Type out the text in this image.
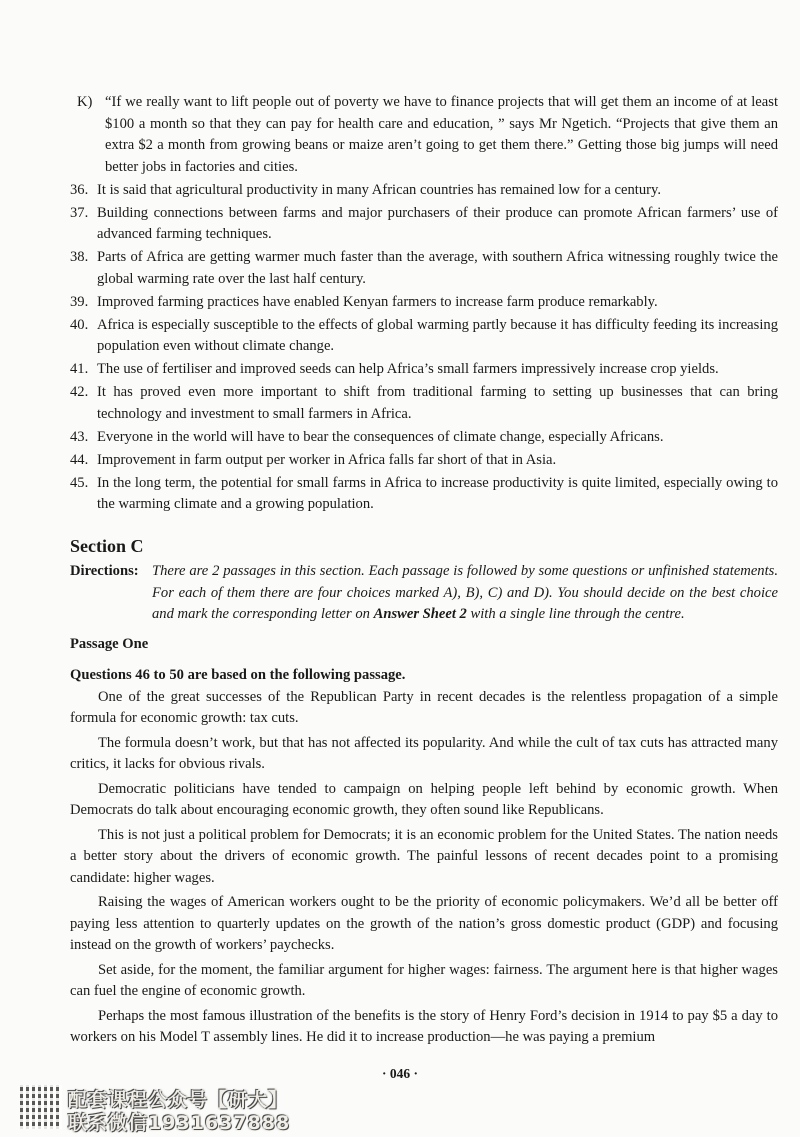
K) “If we really want to lift people out of poverty we have to finance projects that will get them an income of at least $100 a month so that they can pay for health care and education, ” says Mr Ngetich. “Projects that give them an extra $2 a month from growing beans or maize aren’t going to get them there.” Getting those big jumps will need better jobs in factories and cities.
36. It is said that agricultural productivity in many African countries has remained low for a century.
37. Building connections between farms and major purchasers of their produce can promote African farmers’ use of advanced farming techniques.
38. Parts of Africa are getting warmer much faster than the average, with southern Africa witnessing roughly twice the global warming rate over the last half century.
39. Improved farming practices have enabled Kenyan farmers to increase farm produce remarkably.
40. Africa is especially susceptible to the effects of global warming partly because it has difficulty feeding its increasing population even without climate change.
41. The use of fertiliser and improved seeds can help Africa’s small farmers impressively increase crop yields.
42. It has proved even more important to shift from traditional farming to setting up businesses that can bring technology and investment to small farmers in Africa.
43. Everyone in the world will have to bear the consequences of climate change, especially Africans.
44. Improvement in farm output per worker in Africa falls far short of that in Asia.
45. In the long term, the potential for small farms in Africa to increase productivity is quite limited, especially owing to the warming climate and a growing population.
Section C
Directions: There are 2 passages in this section. Each passage is followed by some questions or unfinished statements. For each of them there are four choices marked A), B), C) and D). You should decide on the best choice and mark the corresponding letter on Answer Sheet 2 with a single line through the centre.
Passage One
Questions 46 to 50 are based on the following passage.

One of the great successes of the Republican Party in recent decades is the relentless propagation of a simple formula for economic growth: tax cuts.

The formula doesn’t work, but that has not affected its popularity. And while the cult of tax cuts has attracted many critics, it lacks for obvious rivals.

Democratic politicians have tended to campaign on helping people left behind by economic growth. When Democrats do talk about encouraging economic growth, they often sound like Republicans.

This is not just a political problem for Democrats; it is an economic problem for the United States. The nation needs a better story about the drivers of economic growth. The painful lessons of recent decades point to a promising candidate: higher wages.

Raising the wages of American workers ought to be the priority of economic policymakers. We’d all be better off paying less attention to quarterly updates on the growth of the nation’s gross domestic product (GDP) and focusing instead on the growth of workers’ paychecks.

Set aside, for the moment, the familiar argument for higher wages: fairness. The argument here is that higher wages can fuel the engine of economic growth.

Perhaps the most famous illustration of the benefits is the story of Henry Ford’s decision in 1914 to pay $5 a day to workers on his Model T assembly lines. He did it to increase production—he was paying a premium

· 046 ·
配套课程公众号【研大】
联系微信1931637888
